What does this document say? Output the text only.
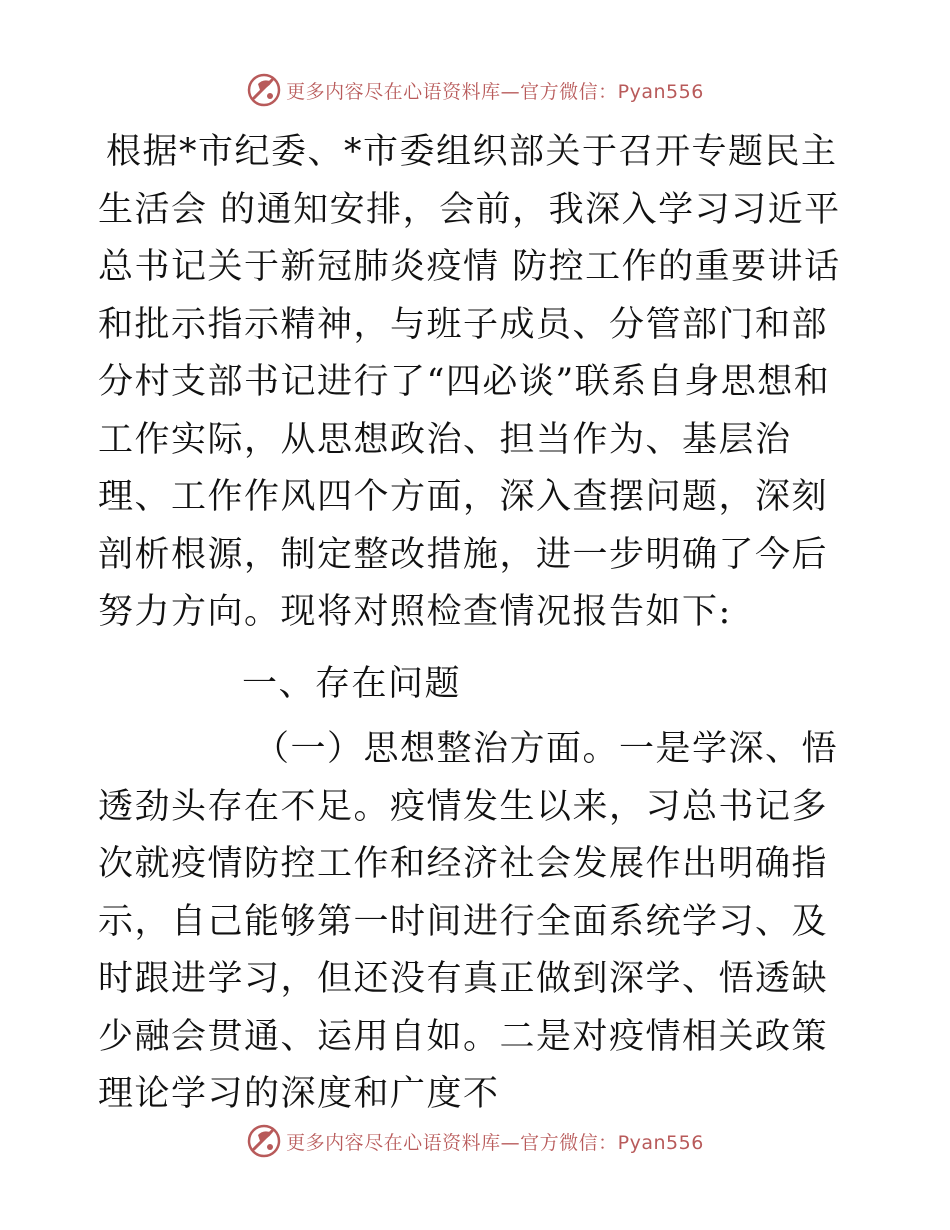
更多内容尽在心语资料库—官方微信：Pyan556

根据*市纪委、*市委组织部关于召开专题民主生活会 的通知安排，会前，我深入学习习近平总书记关于新冠肺炎疫情 防控工作的重要讲话 和批示指示精神，与班子成员、分管部门和部分村支部书记进行了“四必谈”联系自身思想和工作实际，从思想政治、担当作为、基层治理、工作作风四个方面，深入查摆问题，深刻剖析根源，制定整改措施，进一步明确了今后努力方向。现将对照检查情况报告如下:

一、存在问题

（一）思想整治方面。一是学深、悟透劲头存在不足。疫情发生以来，习总书记多次就疫情防控工作和经济社会发展作出明确指示，自己能够第一时间进行全面系统学习、及时跟进学习，但还没有真正做到深学、悟透缺少融会贯通、运用自如。二是对疫情相关政策理论学习的深度和广度不

更多内容尽在心语资料库—官方微信：Pyan556
